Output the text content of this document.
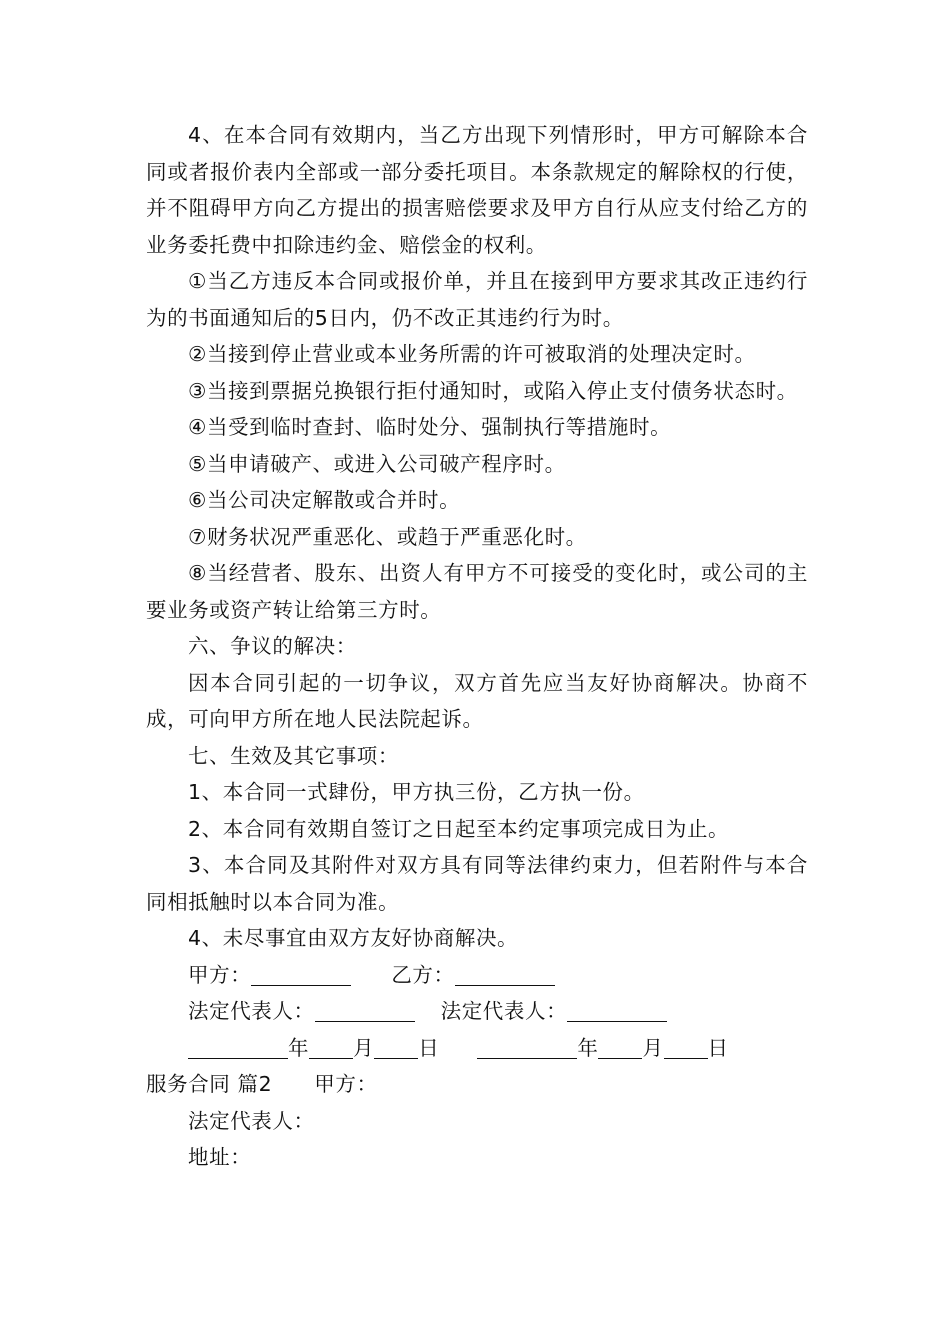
4、在本合同有效期内，当乙方出现下列情形时，甲方可解除本合同或者报价表内全部或一部分委托项目。本条款规定的解除权的行使，并不阻碍甲方向乙方提出的损害赔偿要求及甲方自行从应支付给乙方的业务委托费中扣除违约金、赔偿金的权利。

①当乙方违反本合同或报价单，并且在接到甲方要求其改正违约行为的书面通知后的5日内，仍不改正其违约行为时。

②当接到停止营业或本业务所需的许可被取消的处理决定时。

③当接到票据兑换银行拒付通知时，或陷入停止支付债务状态时。

④当受到临时查封、临时处分、强制执行等措施时。

⑤当申请破产、或进入公司破产程序时。

⑥当公司决定解散或合并时。

⑦财务状况严重恶化、或趋于严重恶化时。

⑧当经营者、股东、出资人有甲方不可接受的变化时，或公司的主要业务或资产转让给第三方时。

六、争议的解决：

因本合同引起的一切争议，双方首先应当友好协商解决。协商不成，可向甲方所在地人民法院起诉。

七、生效及其它事项：

1、本合同一式肆份，甲方执三份，乙方执一份。

2、本合同有效期自签订之日起至本约定事项完成日为止。

3、本合同及其附件对双方具有同等法律约束力，但若附件与本合同相抵触时以本合同为准。

4、未尽事宜由双方友好协商解决。

甲方：	乙方：

法定代表人：	法定代表人：

年 月 日	年 月 日

服务合同 篇2 甲方：

法定代表人：

地址：
